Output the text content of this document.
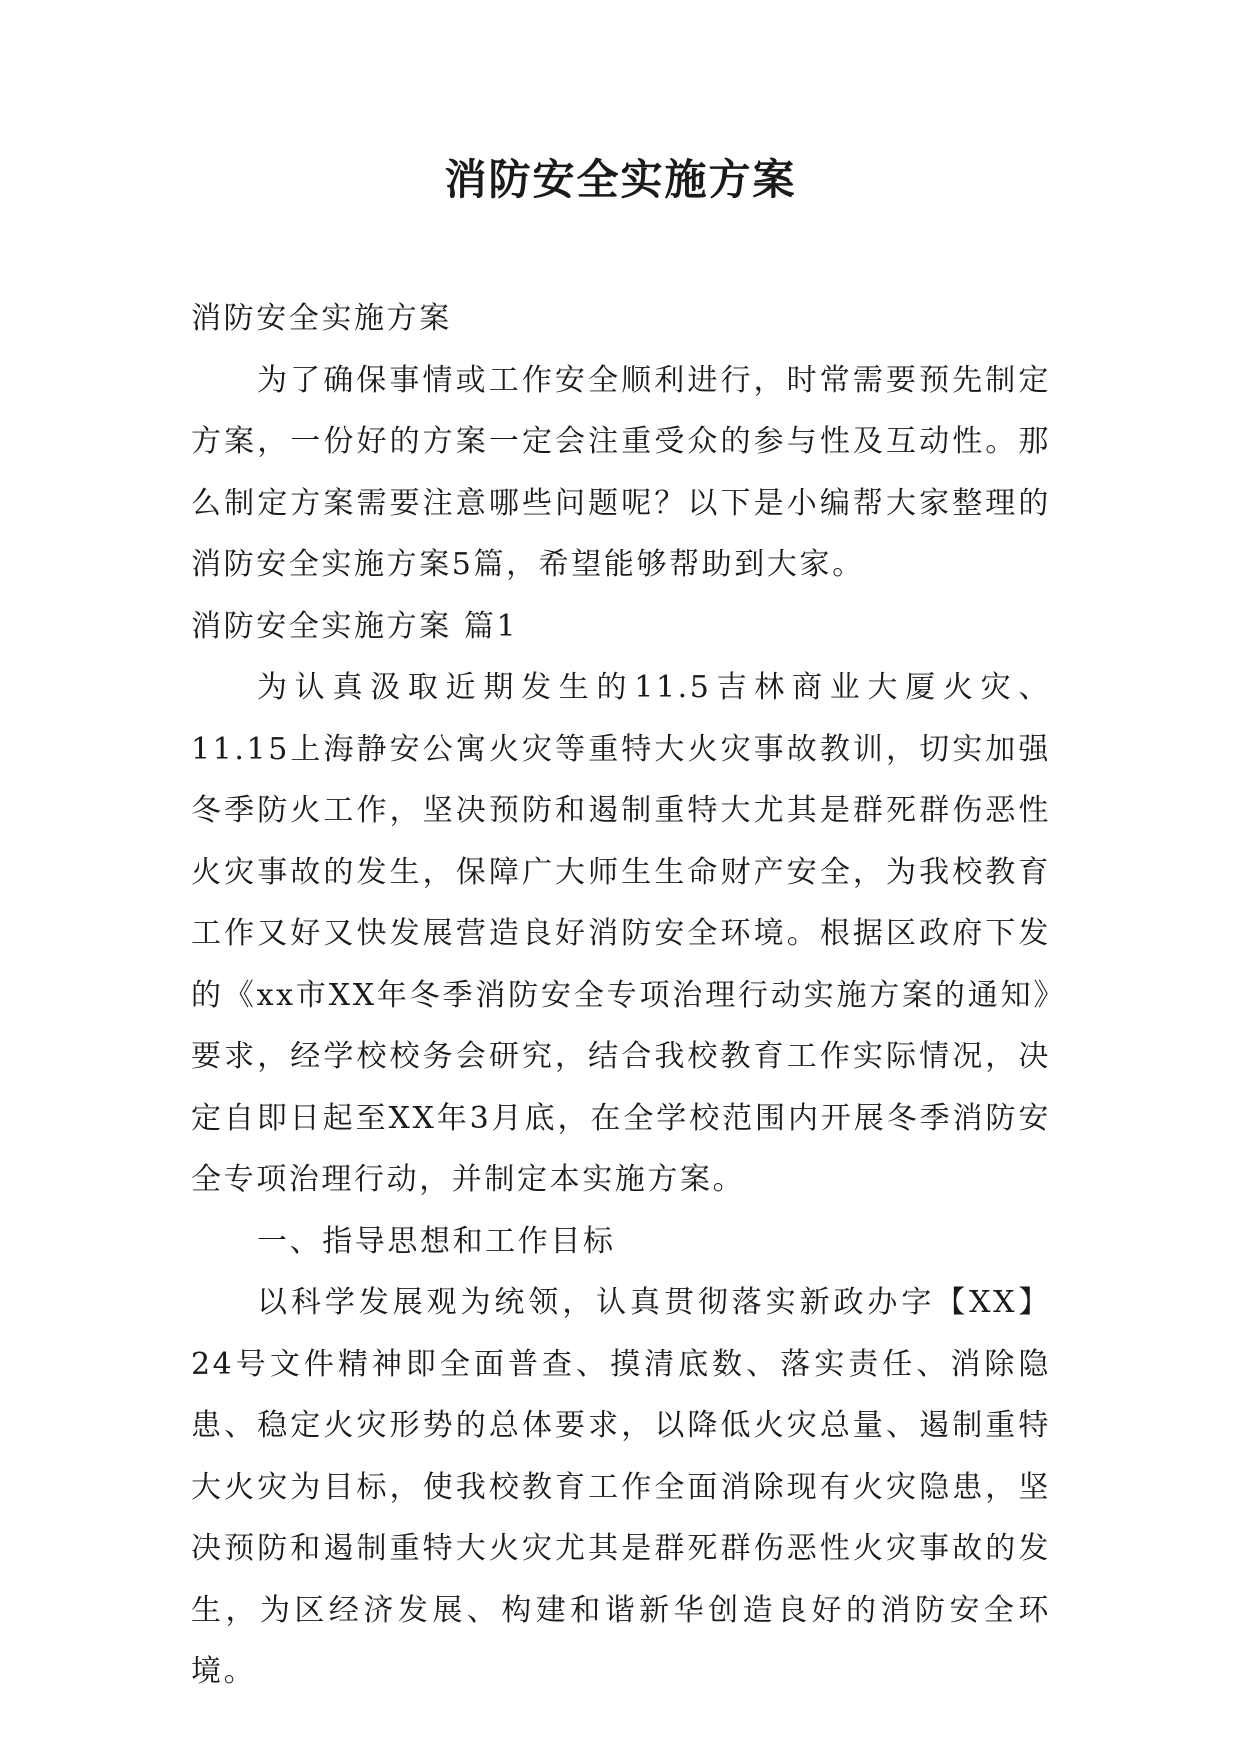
消防安全实施方案

消防安全实施方案

为了确保事情或工作安全顺利进行，时常需要预先制定方案，一份好的方案一定会注重受众的参与性及互动性。那么制定方案需要注意哪些问题呢？以下是小编帮大家整理的消防安全实施方案5篇，希望能够帮助到大家。

消防安全实施方案 篇1

为认真汲取近期发生的11.5吉林商业大厦火灾、11.15上海静安公寓火灾等重特大火灾事故教训，切实加强冬季防火工作，坚决预防和遏制重特大尤其是群死群伤恶性火灾事故的发生，保障广大师生生命财产安全，为我校教育工作又好又快发展营造良好消防安全环境。根据区政府下发的《xx市XX年冬季消防安全专项治理行动实施方案的通知》要求，经学校校务会研究，结合我校教育工作实际情况，决定自即日起至XX年3月底，在全学校范围内开展冬季消防安全专项治理行动，并制定本实施方案。

一、指导思想和工作目标

以科学发展观为统领，认真贯彻落实新政办字【XX】24号文件精神即全面普查、摸清底数、落实责任、消除隐患、稳定火灾形势的总体要求，以降低火灾总量、遏制重特大火灾为目标，使我校教育工作全面消除现有火灾隐患，坚决预防和遏制重特大火灾尤其是群死群伤恶性火灾事故的发生，为区经济发展、构建和谐新华创造良好的消防安全环境。
